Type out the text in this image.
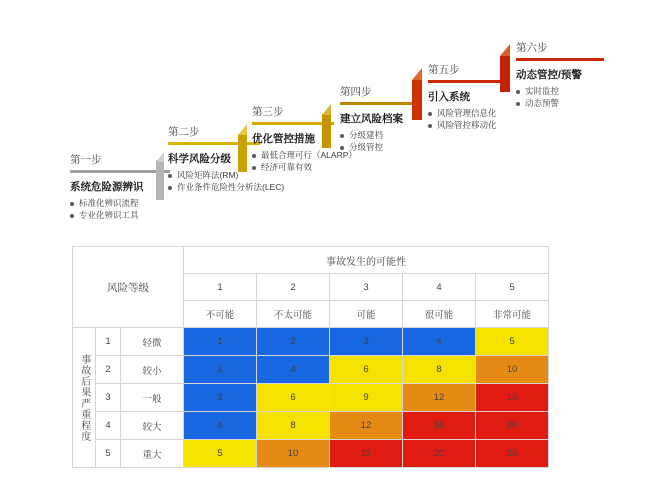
第一步
系统危险源辨识
标准化辨识流程
专业化辨识工具
第二步
科学风险分级
风险矩阵法(RM)
作业条件危险性分析法(LEC)
第三步
优化管控措施
最低合理可行（ALARP）
经济可靠有效
第四步
建立风险档案
分级建档
分级管控
第五步
引入系统
风险管理信息化
风险管控移动化
第六步
动态管控/预警
实时监控
动态预警
风险等级			事故发生的可能性				
			1	2	3	4	5
			不可能	不太可能	可能	很可能	非常可能

事故后果严重程度	1	轻微	1	2	3	4	5
	2	较小	2	4	6	8	10
	3	一般	3	6	9	12	15
	4	较大	4	8	12	16	20
	5	重大	5	10	15	20	25
